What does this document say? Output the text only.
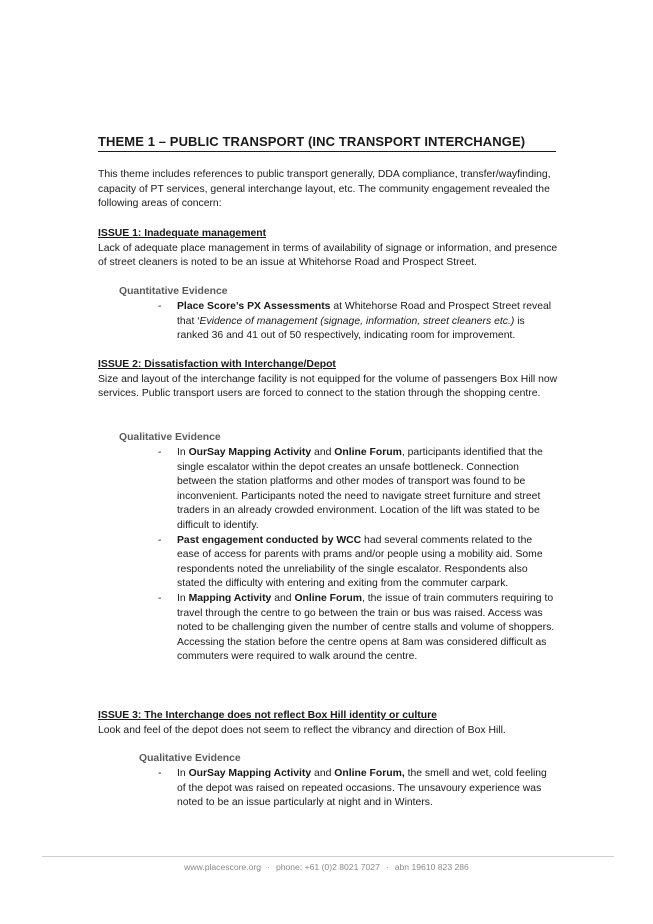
THEME 1 – PUBLIC TRANSPORT (INC TRANSPORT INTERCHANGE)

This theme includes references to public transport generally, DDA compliance, transfer/wayfinding, capacity of PT services, general interchange layout, etc. The community engagement revealed the following areas of concern:

ISSUE 1: Inadequate management
Lack of adequate place management in terms of availability of signage or information, and presence of street cleaners is noted to be an issue at Whitehorse Road and Prospect Street.

Quantitative Evidence

- Place Score’s PX Assessments at Whitehorse Road and Prospect Street reveal that ‘Evidence of management (signage, information, street cleaners etc.) is ranked 36 and 41 out of 50 respectively, indicating room for improvement.
ISSUE 2: Dissatisfaction with Interchange/Depot
Size and layout of the interchange facility is not equipped for the volume of passengers Box Hill now services. Public transport users are forced to connect to the station through the shopping centre.

Qualitative Evidence

- In OurSay Mapping Activity and Online Forum, participants identified that the single escalator within the depot creates an unsafe bottleneck. Connection between the station platforms and other modes of transport was found to be inconvenient. Participants noted the need to navigate street furniture and street traders in an already crowded environment. Location of the lift was stated to be difficult to identify.
- Past engagement conducted by WCC had several comments related to the ease of access for parents with prams and/or people using a mobility aid. Some respondents noted the unreliability of the single escalator. Respondents also stated the difficulty with entering and exiting from the commuter carpark.
- In Mapping Activity and Online Forum, the issue of train commuters requiring to travel through the centre to go between the train or bus was raised. Access was noted to be challenging given the number of centre stalls and volume of shoppers. Accessing the station before the centre opens at 8am was considered difficult as commuters were required to walk around the centre.
ISSUE 3: The Interchange does not reflect Box Hill identity or culture
Look and feel of the depot does not seem to reflect the vibrancy and direction of Box Hill.

Qualitative Evidence

- In OurSay Mapping Activity and Online Forum, the smell and wet, cold feeling of the depot was raised on repeated occasions. The unsavoury experience was noted to be an issue particularly at night and in Winters.
www.placescore.org · phone: +61 (0)2 8021 7027 · abn 19610 823 286
